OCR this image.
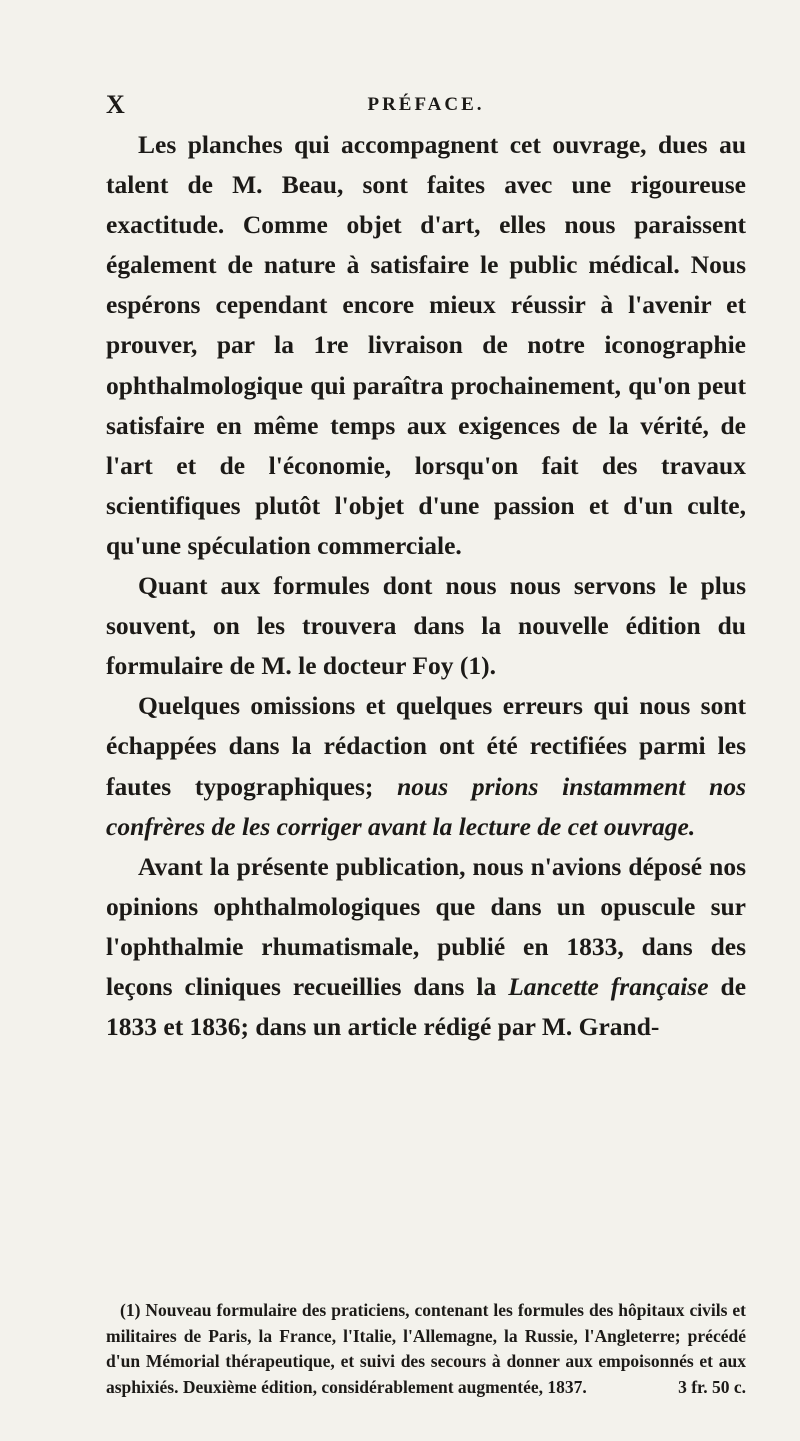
X	PRÉFACE.

Les planches qui accompagnent cet ouvrage, dues au talent de M. Beau, sont faites avec une rigoureuse exactitude. Comme objet d'art, elles nous paraissent également de nature à satisfaire le public médical. Nous espérons cependant encore mieux réussir à l'avenir et prouver, par la 1re livraison de notre iconographie ophthalmologique qui paraîtra prochainement, qu'on peut satisfaire en même temps aux exigences de la vérité, de l'art et de l'économie, lorsqu'on fait des travaux scientifiques plutôt l'objet d'une passion et d'un culte, qu'une spéculation commerciale.

Quant aux formules dont nous nous servons le plus souvent, on les trouvera dans la nouvelle édition du formulaire de M. le docteur Foy (1).

Quelques omissions et quelques erreurs qui nous sont échappées dans la rédaction ont été rectifiées parmi les fautes typographiques; nous prions instamment nos confrères de les corriger avant la lecture de cet ouvrage.

Avant la présente publication, nous n'avions déposé nos opinions ophthalmologiques que dans un opuscule sur l'ophthalmie rhumatismale, publié en 1833, dans des leçons cliniques recueillies dans la Lancette française de 1833 et 1836; dans un article rédigé par M. Grand-

(1) Nouveau formulaire des praticiens, contenant les formules des hôpitaux civils et militaires de Paris, la France, l'Italie, l'Allemagne, la Russie, l'Angleterre; précédé d'un Mémorial thérapeutique, et suivi des secours à donner aux empoisonnés et aux asphixiés. Deuxième édition, considérablement augmentée, 1837.	3 fr. 50 c.
